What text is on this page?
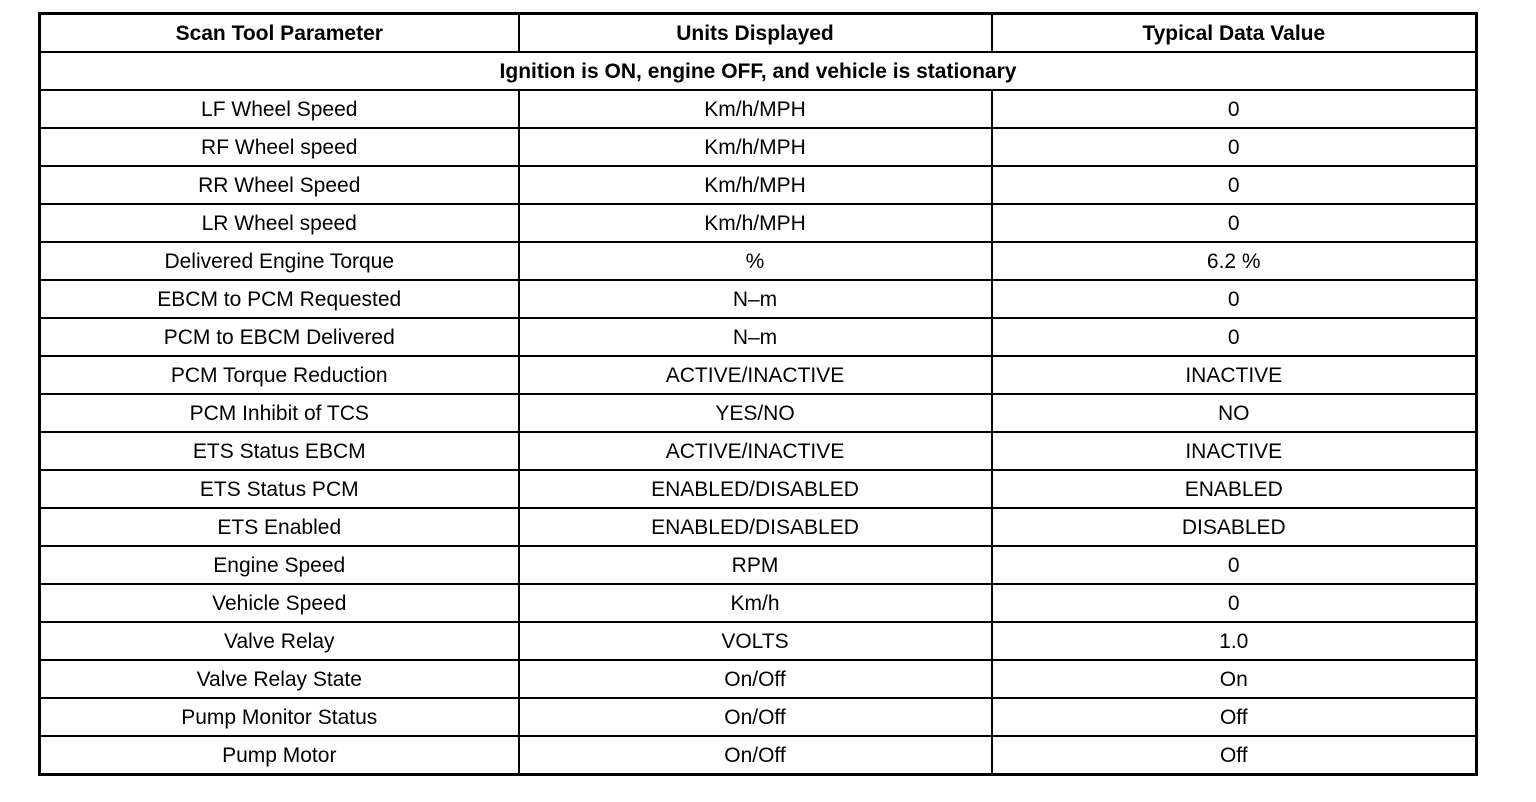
Scan Tool Parameter	Units Displayed	Typical Data Value
Ignition is ON, engine OFF, and vehicle is stationary		
LF Wheel Speed	Km/h/MPH	0
RF Wheel speed	Km/h/MPH	0
RR Wheel Speed	Km/h/MPH	0
LR Wheel speed	Km/h/MPH	0
Delivered Engine Torque	%	6.2 %
EBCM to PCM Requested	N–m	0
PCM to EBCM Delivered	N–m	0
PCM Torque Reduction	ACTIVE/INACTIVE	INACTIVE
PCM Inhibit of TCS	YES/NO	NO
ETS Status EBCM	ACTIVE/INACTIVE	INACTIVE
ETS Status PCM	ENABLED/DISABLED	ENABLED
ETS Enabled	ENABLED/DISABLED	DISABLED
Engine Speed	RPM	0
Vehicle Speed	Km/h	0
Valve Relay	VOLTS	1.0
Valve Relay State	On/Off	On
Pump Monitor Status	On/Off	Off
Pump Motor	On/Off	Off
